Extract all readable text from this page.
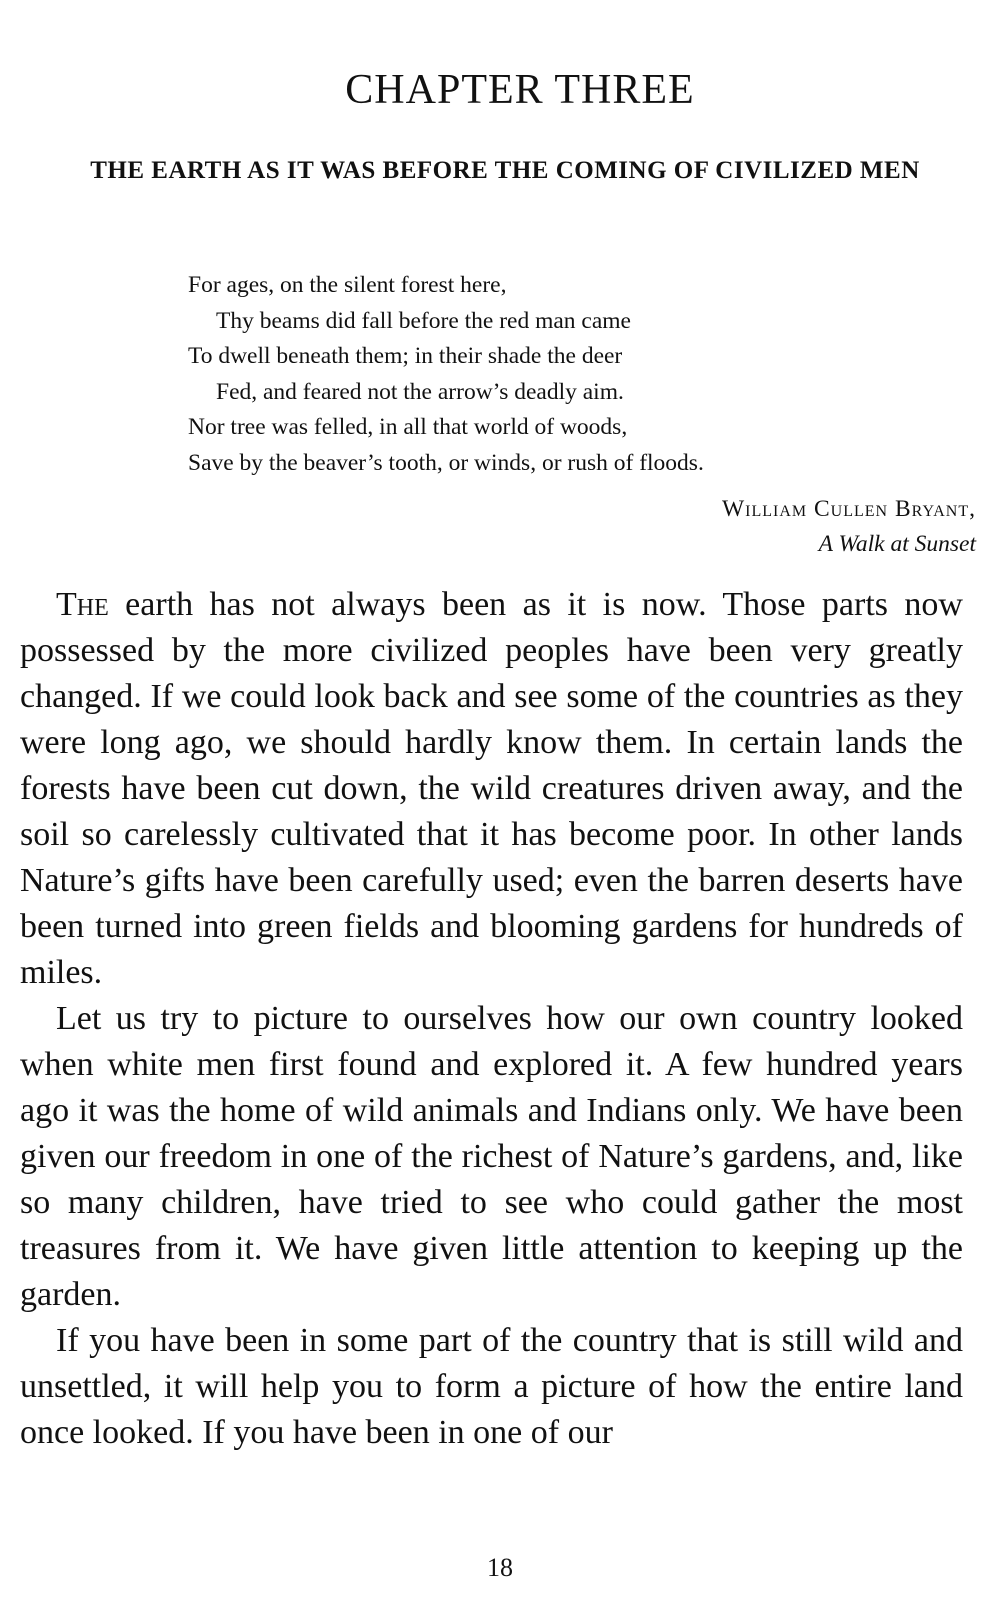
CHAPTER THREE
THE EARTH AS IT WAS BEFORE THE COMING OF CIVILIZED MEN
For ages, on the silent forest here,
Thy beams did fall before the red man came
To dwell beneath them; in their shade the deer
Fed, and feared not the arrow’s deadly aim.
Nor tree was felled, in all that world of woods,
Save by the beaver’s tooth, or winds, or rush of floods.
William Cullen Bryant,
A Walk at Sunset

The earth has not always been as it is now. Those parts now possessed by the more civilized peoples have been very greatly changed. If we could look back and see some of the countries as they were long ago, we should hardly know them. In certain lands the forests have been cut down, the wild creatures driven away, and the soil so carelessly cultivated that it has become poor. In other lands Nature’s gifts have been carefully used; even the barren deserts have been turned into green fields and blooming gardens for hundreds of miles.

Let us try to picture to ourselves how our own country looked when white men first found and explored it. A few hundred years ago it was the home of wild animals and Indians only. We have been given our freedom in one of the richest of Nature’s gardens, and, like so many children, have tried to see who could gather the most treasures from it. We have given little attention to keeping up the garden.

If you have been in some part of the country that is still wild and unsettled, it will help you to form a picture of how the entire land once looked. If you have been in one of our

18
